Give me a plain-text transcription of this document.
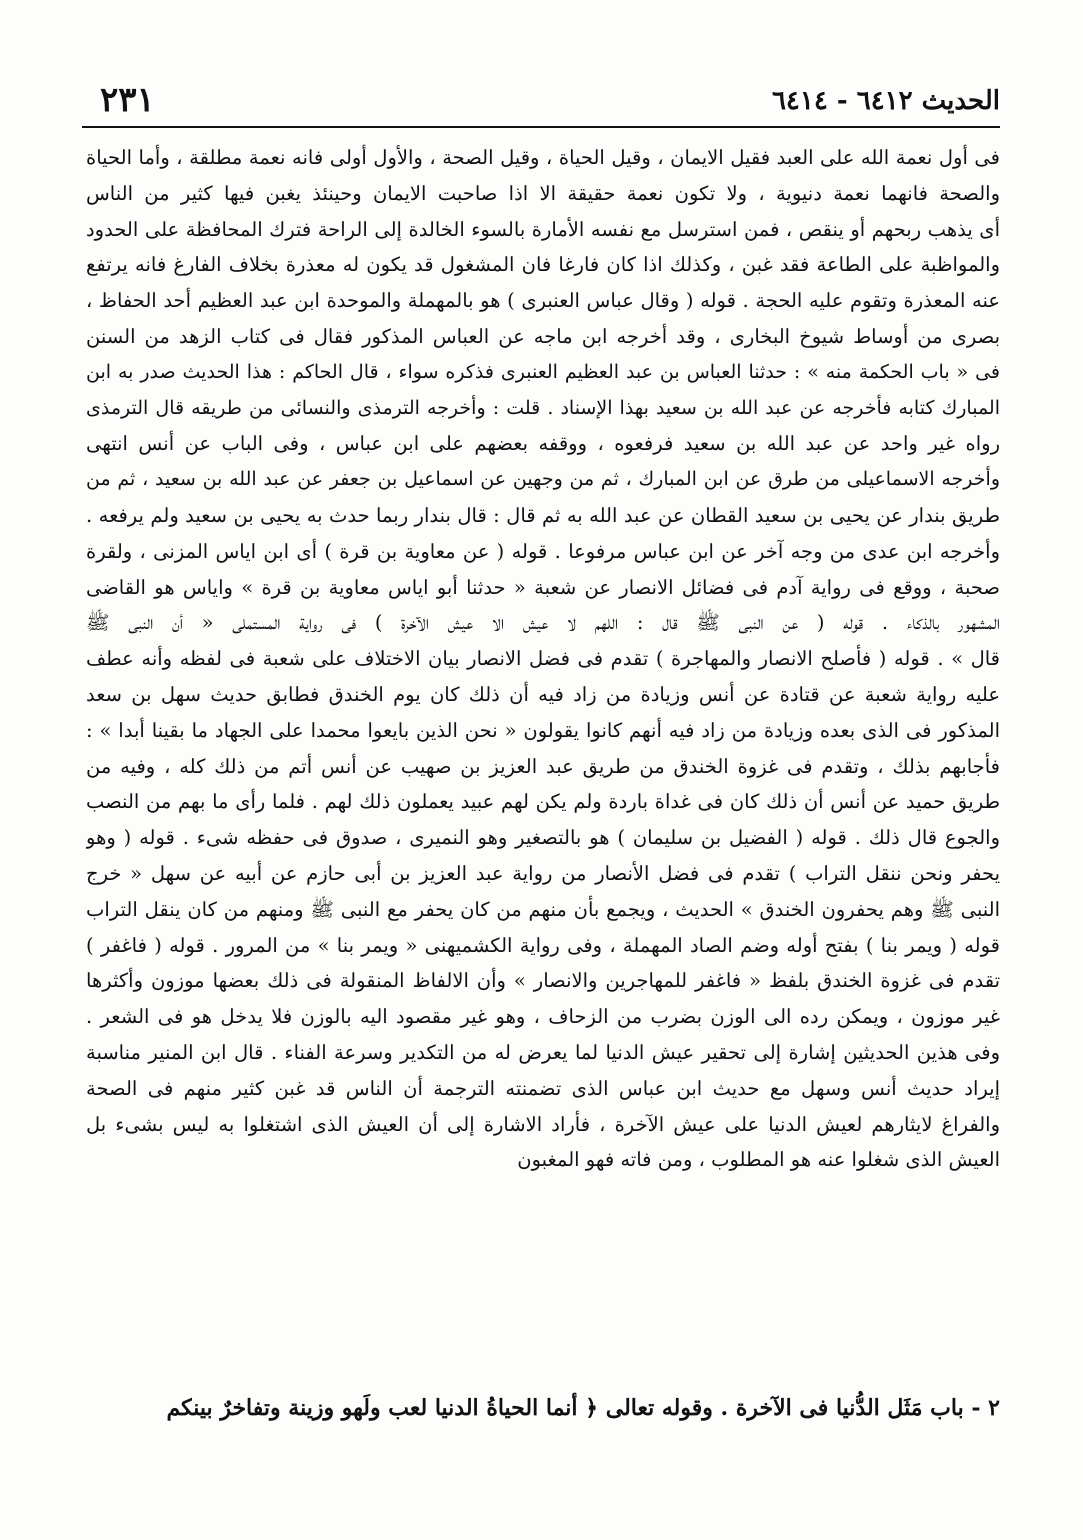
الحديث ٦٤١٢ - ٦٤١٤
٢٣١
فى أول نعمة الله على العبد فقيل الايمان ، وقيل الحياة ، وقيل الصحة ، والأول أولى فانه نعمة مطلقة ، وأما الحياة
والصحة فانهما نعمة دنيوية ، ولا تكون نعمة حقيقة الا اذا صاحبت الايمان وحينئذ يغبن فيها كثير من الناس
أى يذهب ربحهم أو ينقص ، فمن استرسل مع نفسه الأمارة بالسوء الخالدة إلى الراحة فترك المحافظة على الحدود
والمواظبة على الطاعة فقد غبن ، وكذلك اذا كان فارغا فان المشغول قد يكون له معذرة بخلاف الفارغ فانه يرتفع
عنه المعذرة وتقوم عليه الحجة . قوله ( وقال عباس العنبرى ) هو بالمهملة والموحدة ابن عبد العظيم أحد الحفاظ ،
بصرى من أوساط شيوخ البخارى ، وقد أخرجه ابن ماجه عن العباس المذكور فقال فى كتاب الزهد من السنن
فى « باب الحكمة منه » : حدثنا العباس بن عبد العظيم العنبرى فذكره سواء ، قال الحاكم : هذا الحديث صدر به ابن
المبارك كتابه فأخرجه عن عبد الله بن سعيد بهذا الإسناد . قلت : وأخرجه الترمذى والنسائى من طريقه قال الترمذى
رواه غير واحد عن عبد الله بن سعيد فرفعوه ، ووقفه بعضهم على ابن عباس ، وفى الباب عن أنس انتهى
وأخرجه الاسماعيلى من طرق عن ابن المبارك ، ثم من وجهين عن اسماعيل بن جعفر عن عبد الله بن سعيد ، ثم من
طريق بندار عن يحيى بن سعيد القطان عن عبد الله به ثم قال : قال بندار ربما حدث به يحيى بن سعيد ولم يرفعه .
وأخرجه ابن عدى من وجه آخر عن ابن عباس مرفوعا . قوله ( عن معاوية بن قرة ) أى ابن اياس المزنى ، ولقرة
صحبة ، ووقع فى رواية آدم فى فضائل الانصار عن شعبة « حدثنا أبو اياس معاوية بن قرة » واياس هو القاضى
المشهور بالذكاء . قوله ( عن النبى ﷺ قال : اللهم لا عيش الا عيش الآخرة ) فى رواية المستملى « أن النبى ﷺ
قال » . قوله ( فأصلح الانصار والمهاجرة ) تقدم فى فضل الانصار بيان الاختلاف على شعبة فى لفظه وأنه عطف
عليه رواية شعبة عن قتادة عن أنس وزيادة من زاد فيه أن ذلك كان يوم الخندق فطابق حديث سهل بن سعد
المذكور فى الذى بعده وزيادة من زاد فيه أنهم كانوا يقولون « نحن الذين بايعوا محمدا على الجهاد ما بقينا أبدا » :
فأجابهم بذلك ، وتقدم فى غزوة الخندق من طريق عبد العزيز بن صهيب عن أنس أتم من ذلك كله ، وفيه من
طريق حميد عن أنس أن ذلك كان فى غداة باردة ولم يكن لهم عبيد يعملون ذلك لهم . فلما رأى ما بهم من النصب
والجوع قال ذلك . قوله ( الفضيل بن سليمان ) هو بالتصغير وهو النميرى ، صدوق فى حفظه شىء . قوله ( وهو
يحفر ونحن ننقل التراب ) تقدم فى فضل الأنصار من رواية عبد العزيز بن أبى حازم عن أبيه عن سهل « خرج
النبى ﷺ وهم يحفرون الخندق » الحديث ، ويجمع بأن منهم من كان يحفر مع النبى ﷺ ومنهم من كان ينقل التراب
قوله ( ويمر بنا ) بفتح أوله وضم الصاد المهملة ، وفى رواية الكشميهنى « ويمر بنا » من المرور . قوله ( فاغفر )
تقدم فى غزوة الخندق بلفظ « فاغفر للمهاجرين والانصار » وأن الالفاظ المنقولة فى ذلك بعضها موزون وأكثرها
غير موزون ، ويمكن رده الى الوزن بضرب من الزحاف ، وهو غير مقصود اليه بالوزن فلا يدخل هو فى الشعر .
وفى هذين الحديثين إشارة إلى تحقير عيش الدنيا لما يعرض له من التكدير وسرعة الفناء . قال ابن المنير مناسبة
إيراد حديث أنس وسهل مع حديث ابن عباس الذى تضمنته الترجمة أن الناس قد غبن كثير منهم فى الصحة
والفراغ لايثارهم لعيش الدنيا على عيش الآخرة ، فأراد الاشارة إلى أن العيش الذى اشتغلوا به ليس بشىء بل
العيش الذى شغلوا عنه هو المطلوب ، ومن فاته فهو المغبون
٢ - باب مَثَل الدُّنيا فى الآخرة . وقوله تعالى ﴿ أنما الحياةُ الدنيا لعب ولَهو وزينة وتفاخرٌ بينكم
